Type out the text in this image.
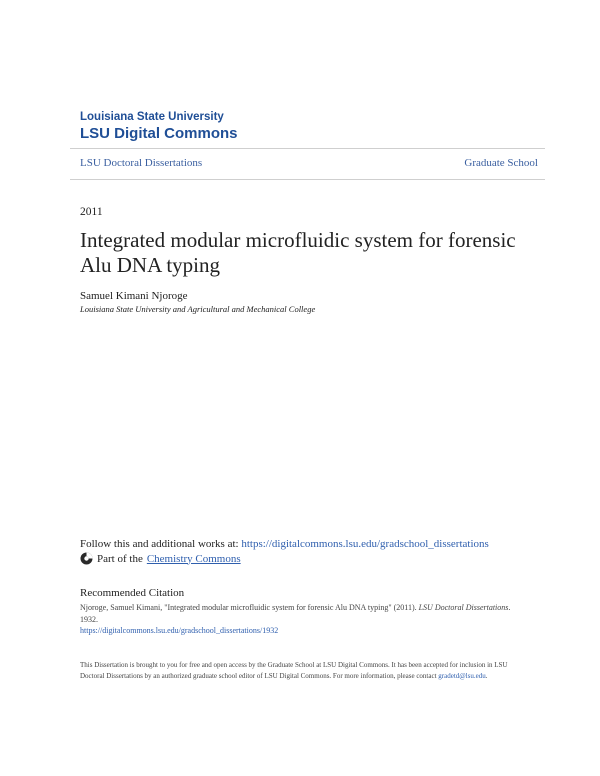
Louisiana State University
LSU Digital Commons
LSU Doctoral Dissertations	Graduate School
2011
Integrated modular microfluidic system for forensic Alu DNA typing
Samuel Kimani Njoroge
Louisiana State University and Agricultural and Mechanical College
Follow this and additional works at: https://digitalcommons.lsu.edu/gradschool_dissertations
Part of the Chemistry Commons
Recommended Citation
Njoroge, Samuel Kimani, "Integrated modular microfluidic system for forensic Alu DNA typing" (2011). LSU Doctoral Dissertations.
1932.
https://digitalcommons.lsu.edu/gradschool_dissertations/1932
This Dissertation is brought to you for free and open access by the Graduate School at LSU Digital Commons. It has been accepted for inclusion in LSU Doctoral Dissertations by an authorized graduate school editor of LSU Digital Commons. For more information, please contact gradetd@lsu.edu.
